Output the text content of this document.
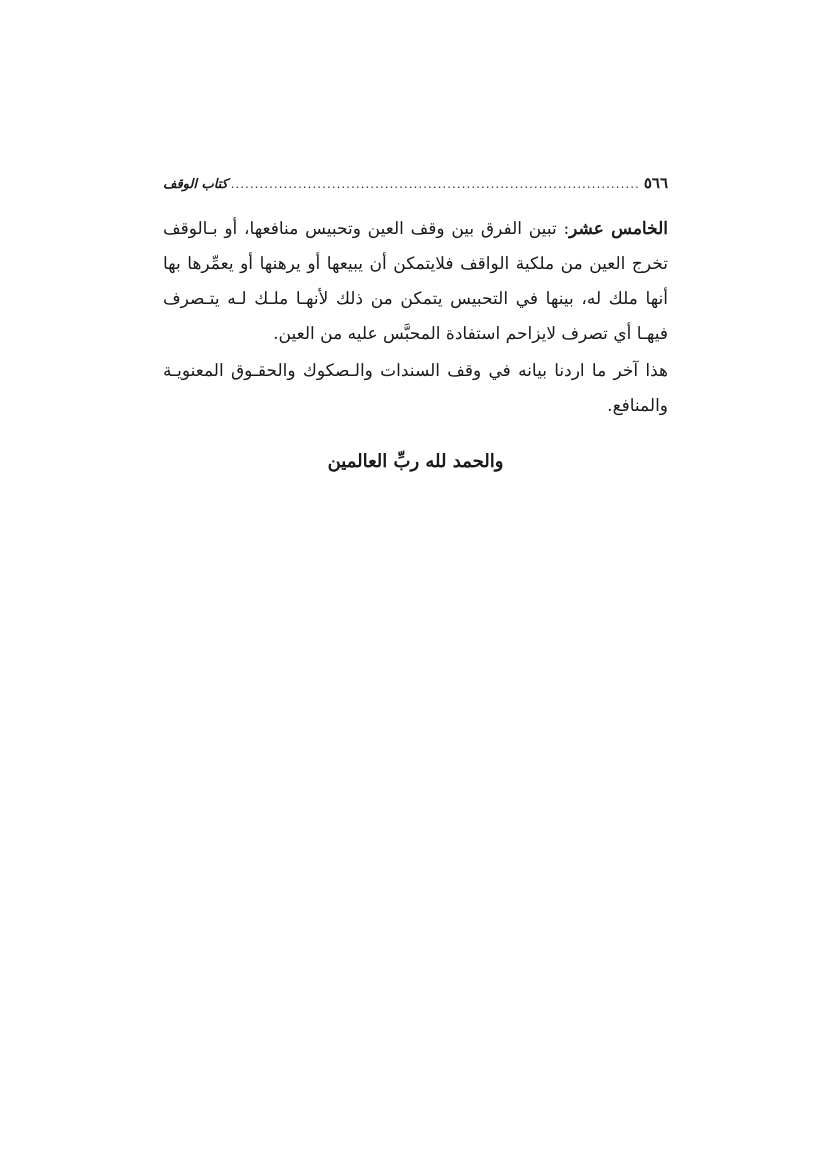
٥٦٦
.....
كتاب الوقف

الخامس عشر: تبين الفرق بين وقف العين وتحبيس منافعها، أو بـالوقف تخرج العين من ملكية الواقف فلايتمكن أن يبيعها أو يرهنها أو يعمِّرها بها أنها ملك له، بينها في التحبيس يتمكن من ذلك لأنهـا ملـك لـه يتـصرف فيهـا أي تصرف لايزاحم استفادة المحبَّس عليه من العين.

هذا آخر ما اردنا بيانه في وقف السندات والـصكوك والحقـوق المعنويـة والمنافع.

والحمد لله ربِّ العالمين
